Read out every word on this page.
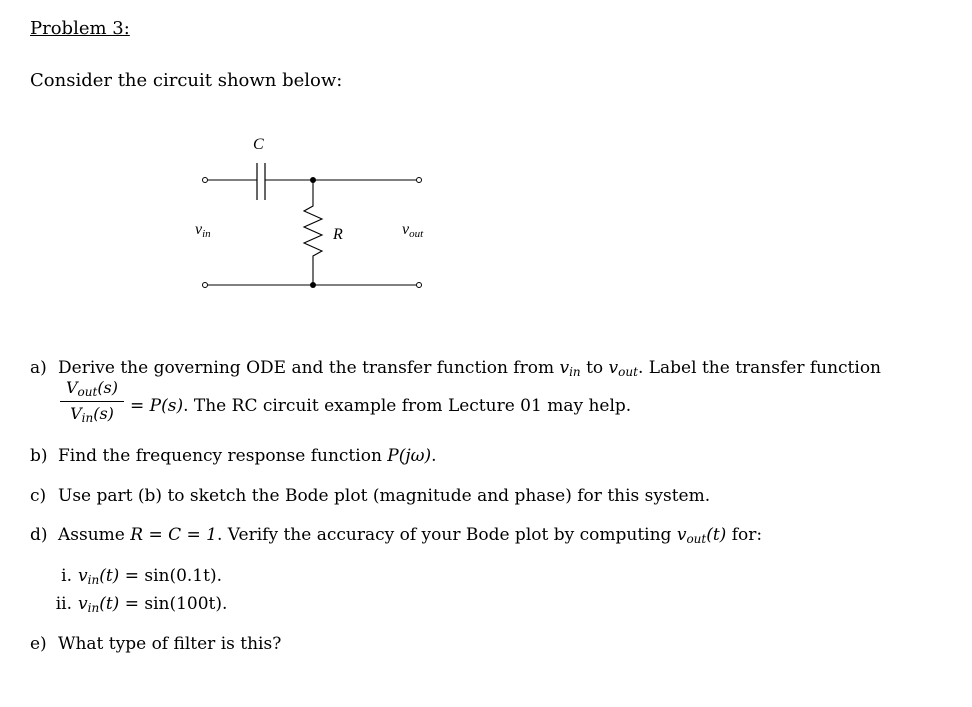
Problem 3:
Consider the circuit shown below:
C
R
vin	vout
a) Derive the governing ODE and the transfer function from $v_{in}$ to $v_{out}$. Label the transfer function
$V_{out}(s)$
$V_{in}(s) = P(s)$. The RC circuit example from Lecture 01 may help.
b) Find the frequency response function P(jω).
c) Use part (b) to sketch the Bode plot (magnitude and phase) for this system.
d) Assume R = C = 1. Verify the accuracy of your Bode plot by computing $v_{out}(t)$ for:
i. $v_{in}(t) = \sin(0.1t)$.
ii. $v_{in}(t) = \sin(100t)$.
e) What type of filter is this?
